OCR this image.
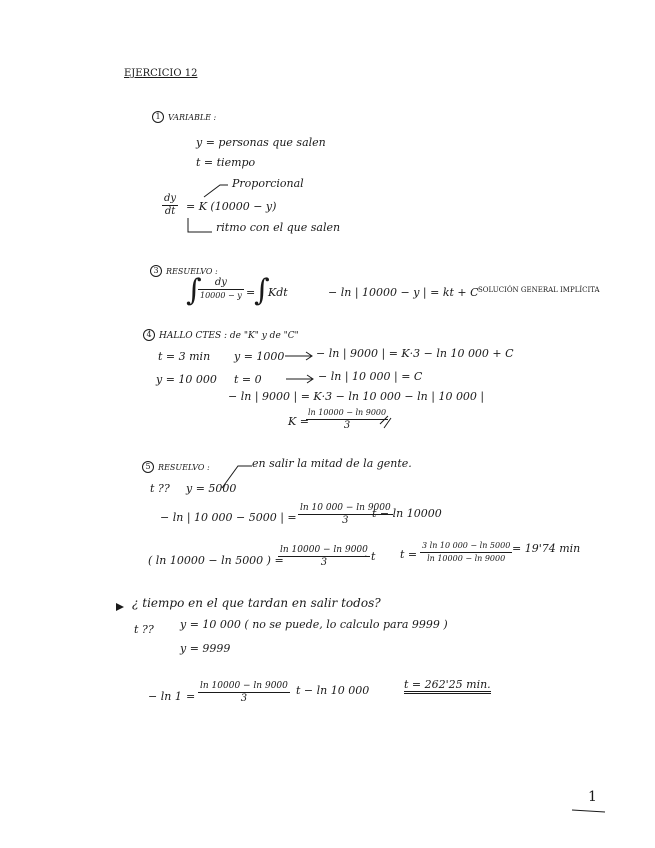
EJERCICIO 12
1 VARIABLE :
y = personas que salen
t = tiempo
Proporcional
$\frac{dy}{dt} = K$ (10000 − y)
ritmo con el que salen
3 RESUELVO :
∫	dy
10000 − y =
∫
Kdt	− ln | 10000 − y | = kt + C SOLUCIÓN GENERAL IMPLÍCITA
4 HALLO CTES : de "K" y de "C"
t = 3 min y = 1000	− ln | 9000 | = K·3 − ln 10 000 + C
y = 10 000 t = 0	− ln | 10 000 | = C
− ln | 9000 | = K·3 − ln 10 000 − ln | 10 000 |
K =
ln 10000 − ln 9000
3
5 RESUELVO :	en salir la mitad de la gente.
t ?? y = 5000
− ln | 10 000 − 5000 | = $\frac{\ln 10 000 - \ln 9000}{3}$
t − ln 10000
( ln 10000 − ln 5000 ) =
$\frac{\ln 10000 - \ln 9000}{3}$
· t $t = \frac{3 \ln 10 000 - \ln 5000}{\ln 10000 - \ln 9000} = 19'74$ min
¿ tiempo en el que tardan en salir todos?
t ?? y = 10 000 ( no se puede, lo calculo para 9999 )
y = 9999
− $\ln 1 = \frac{\ln 10000 - \ln 9000}{3}$ t − ln 10 000	t = 262'25 min.
1
